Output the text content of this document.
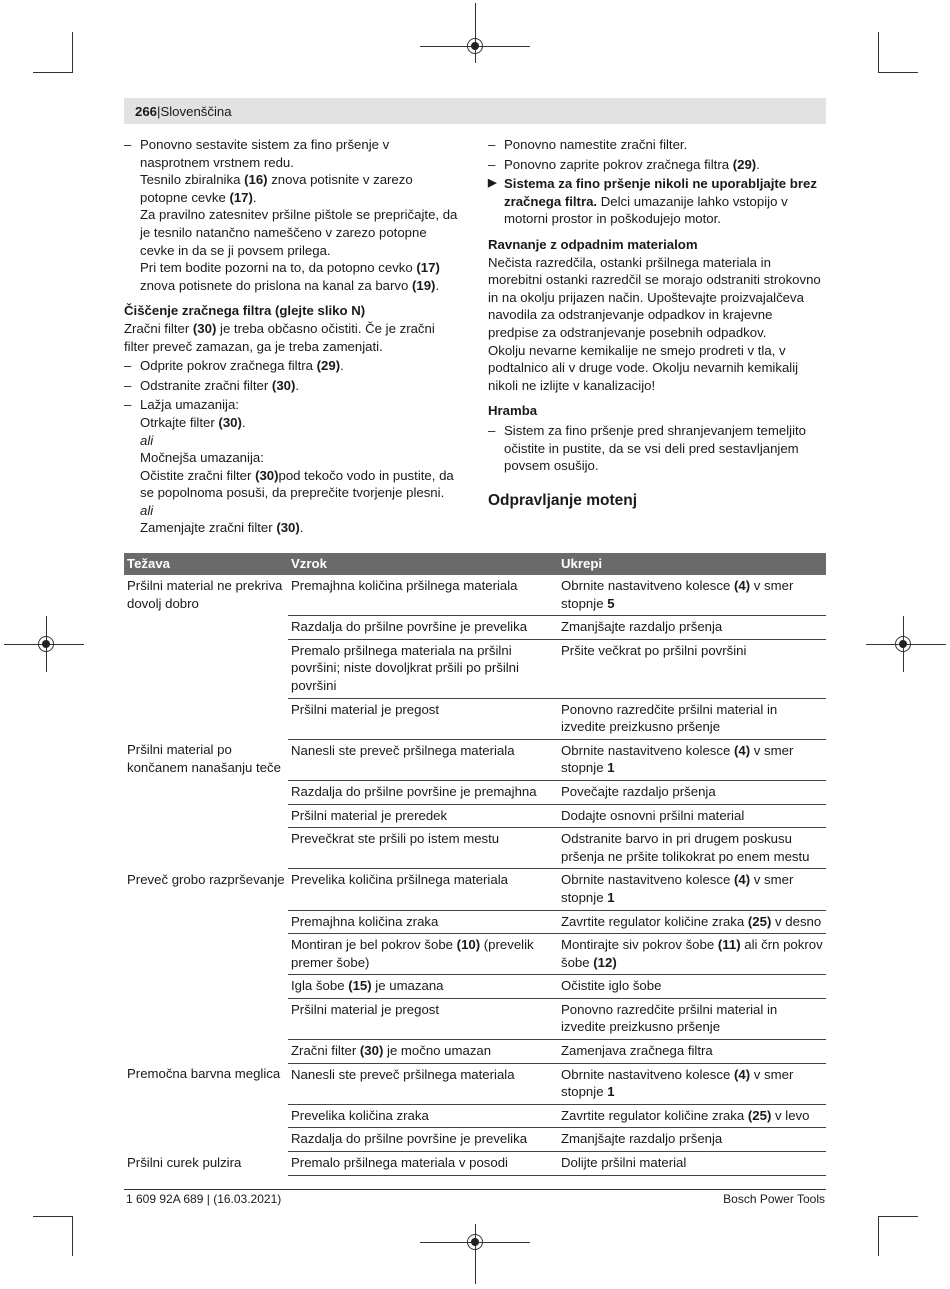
266|Slovenščina

– Ponovno sestavite sistem za fino pršenje v nasprotnem vrstnem redu.

Tesnilo zbiralnika (16) znova potisnite v zarezo potopne cevke (17).

Za pravilno zatesnitev pršilne pištole se prepričajte, da je tesnilo natančno nameščeno v zarezo potopne cevke in da se ji povsem prilega.

Pri tem bodite pozorni na to, da potopno cevko (17) znova potisnete do prislona na kanal za barvo (19).

Čiščenje zračnega filtra (glejte sliko N)

Zračni filter (30) je treba občasno očistiti. Če je zračni filter preveč zamazan, ga je treba zamenjati.

– Odprite pokrov zračnega filtra (29).

– Odstranite zračni filter (30).

– Lažja umazanija:

Otrkajte filter (30).

ali

Močnejša umazanija:

Očistite zračni filter (30)pod tekočo vodo in pustite, da se popolnoma posuši, da preprečite tvorjenje plesni.

ali

Zamenjajte zračni filter (30).

– Ponovno namestite zračni filter.

– Ponovno zaprite pokrov zračnega filtra (29).

▶ Sistema za fino pršenje nikoli ne uporabljajte brez zračnega filtra. Delci umazanije lahko vstopijo v motorni prostor in poškodujejo motor.

Ravnanje z odpadnim materialom

Nečista razredčila, ostanki pršilnega materiala in morebitni ostanki razredčil se morajo odstraniti strokovno in na okolju prijazen način. Upoštevajte proizvajalčeva navodila za odstranjevanje odpadkov in krajevne predpise za odstranjevanje posebnih odpadkov.

Okolju nevarne kemikalije ne smejo prodreti v tla, v podtalnico ali v druge vode. Okolju nevarnih kemikalij nikoli ne izlijte v kanalizacijo!

Hramba

– Sistem za fino pršenje pred shranjevanjem temeljito očistite in pustite, da se vsi deli pred sestavljanjem povsem osušijo.

Odpravljanje motenj

Težava	Vzrok	Ukrepi
Pršilni material ne prekriva dovolj dobro	Premajhna količina pršilnega materiala	Obrnite nastavitveno kolesce (4) v smer stopnje 5
	Razdalja do pršilne površine je prevelika	Zmanjšajte razdaljo pršenja
	Premalo pršilnega materiala na pršilni površini; niste dovoljkrat pršili po pršilni površini	Pršite večkrat po pršilni površini
	Pršilni material je pregost	Ponovno razredčite pršilni material in izvedite preizkusno pršenje
Pršilni material po končanem nanašanju teče	Nanesli ste preveč pršilnega materiala	Obrnite nastavitveno kolesce (4) v smer stopnje 1
	Razdalja do pršilne površine je premajhna	Povečajte razdaljo pršenja
	Pršilni material je preredek	Dodajte osnovni pršilni material
	Prevečkrat ste pršili po istem mestu	Odstranite barvo in pri drugem poskusu pršenja ne pršite tolikokrat po enem mestu
Preveč grobo razprševanje	Prevelika količina pršilnega materiala	Obrnite nastavitveno kolesce (4) v smer stopnje 1
	Premajhna količina zraka	Zavrtite regulator količine zraka (25) v desno
	Montiran je bel pokrov šobe (10) (prevelik premer šobe)	Montirajte siv pokrov šobe (11) ali črn pokrov šobe (12)
	Igla šobe (15) je umazana	Očistite iglo šobe
	Pršilni material je pregost	Ponovno razredčite pršilni material in izvedite preizkusno pršenje
	Zračni filter (30) je močno umazan	Zamenjava zračnega filtra
Premočna barvna meglica	Nanesli ste preveč pršilnega materiala	Obrnite nastavitveno kolesce (4) v smer stopnje 1
	Prevelika količina zraka	Zavrtite regulator količine zraka (25) v levo
	Razdalja do pršilne površine je prevelika	Zmanjšajte razdaljo pršenja
Pršilni curek pulzira	Premalo pršilnega materiala v posodi	Dolijte pršilni material
1 609 92A 689 | (16.03.2021)	Bosch Power Tools
